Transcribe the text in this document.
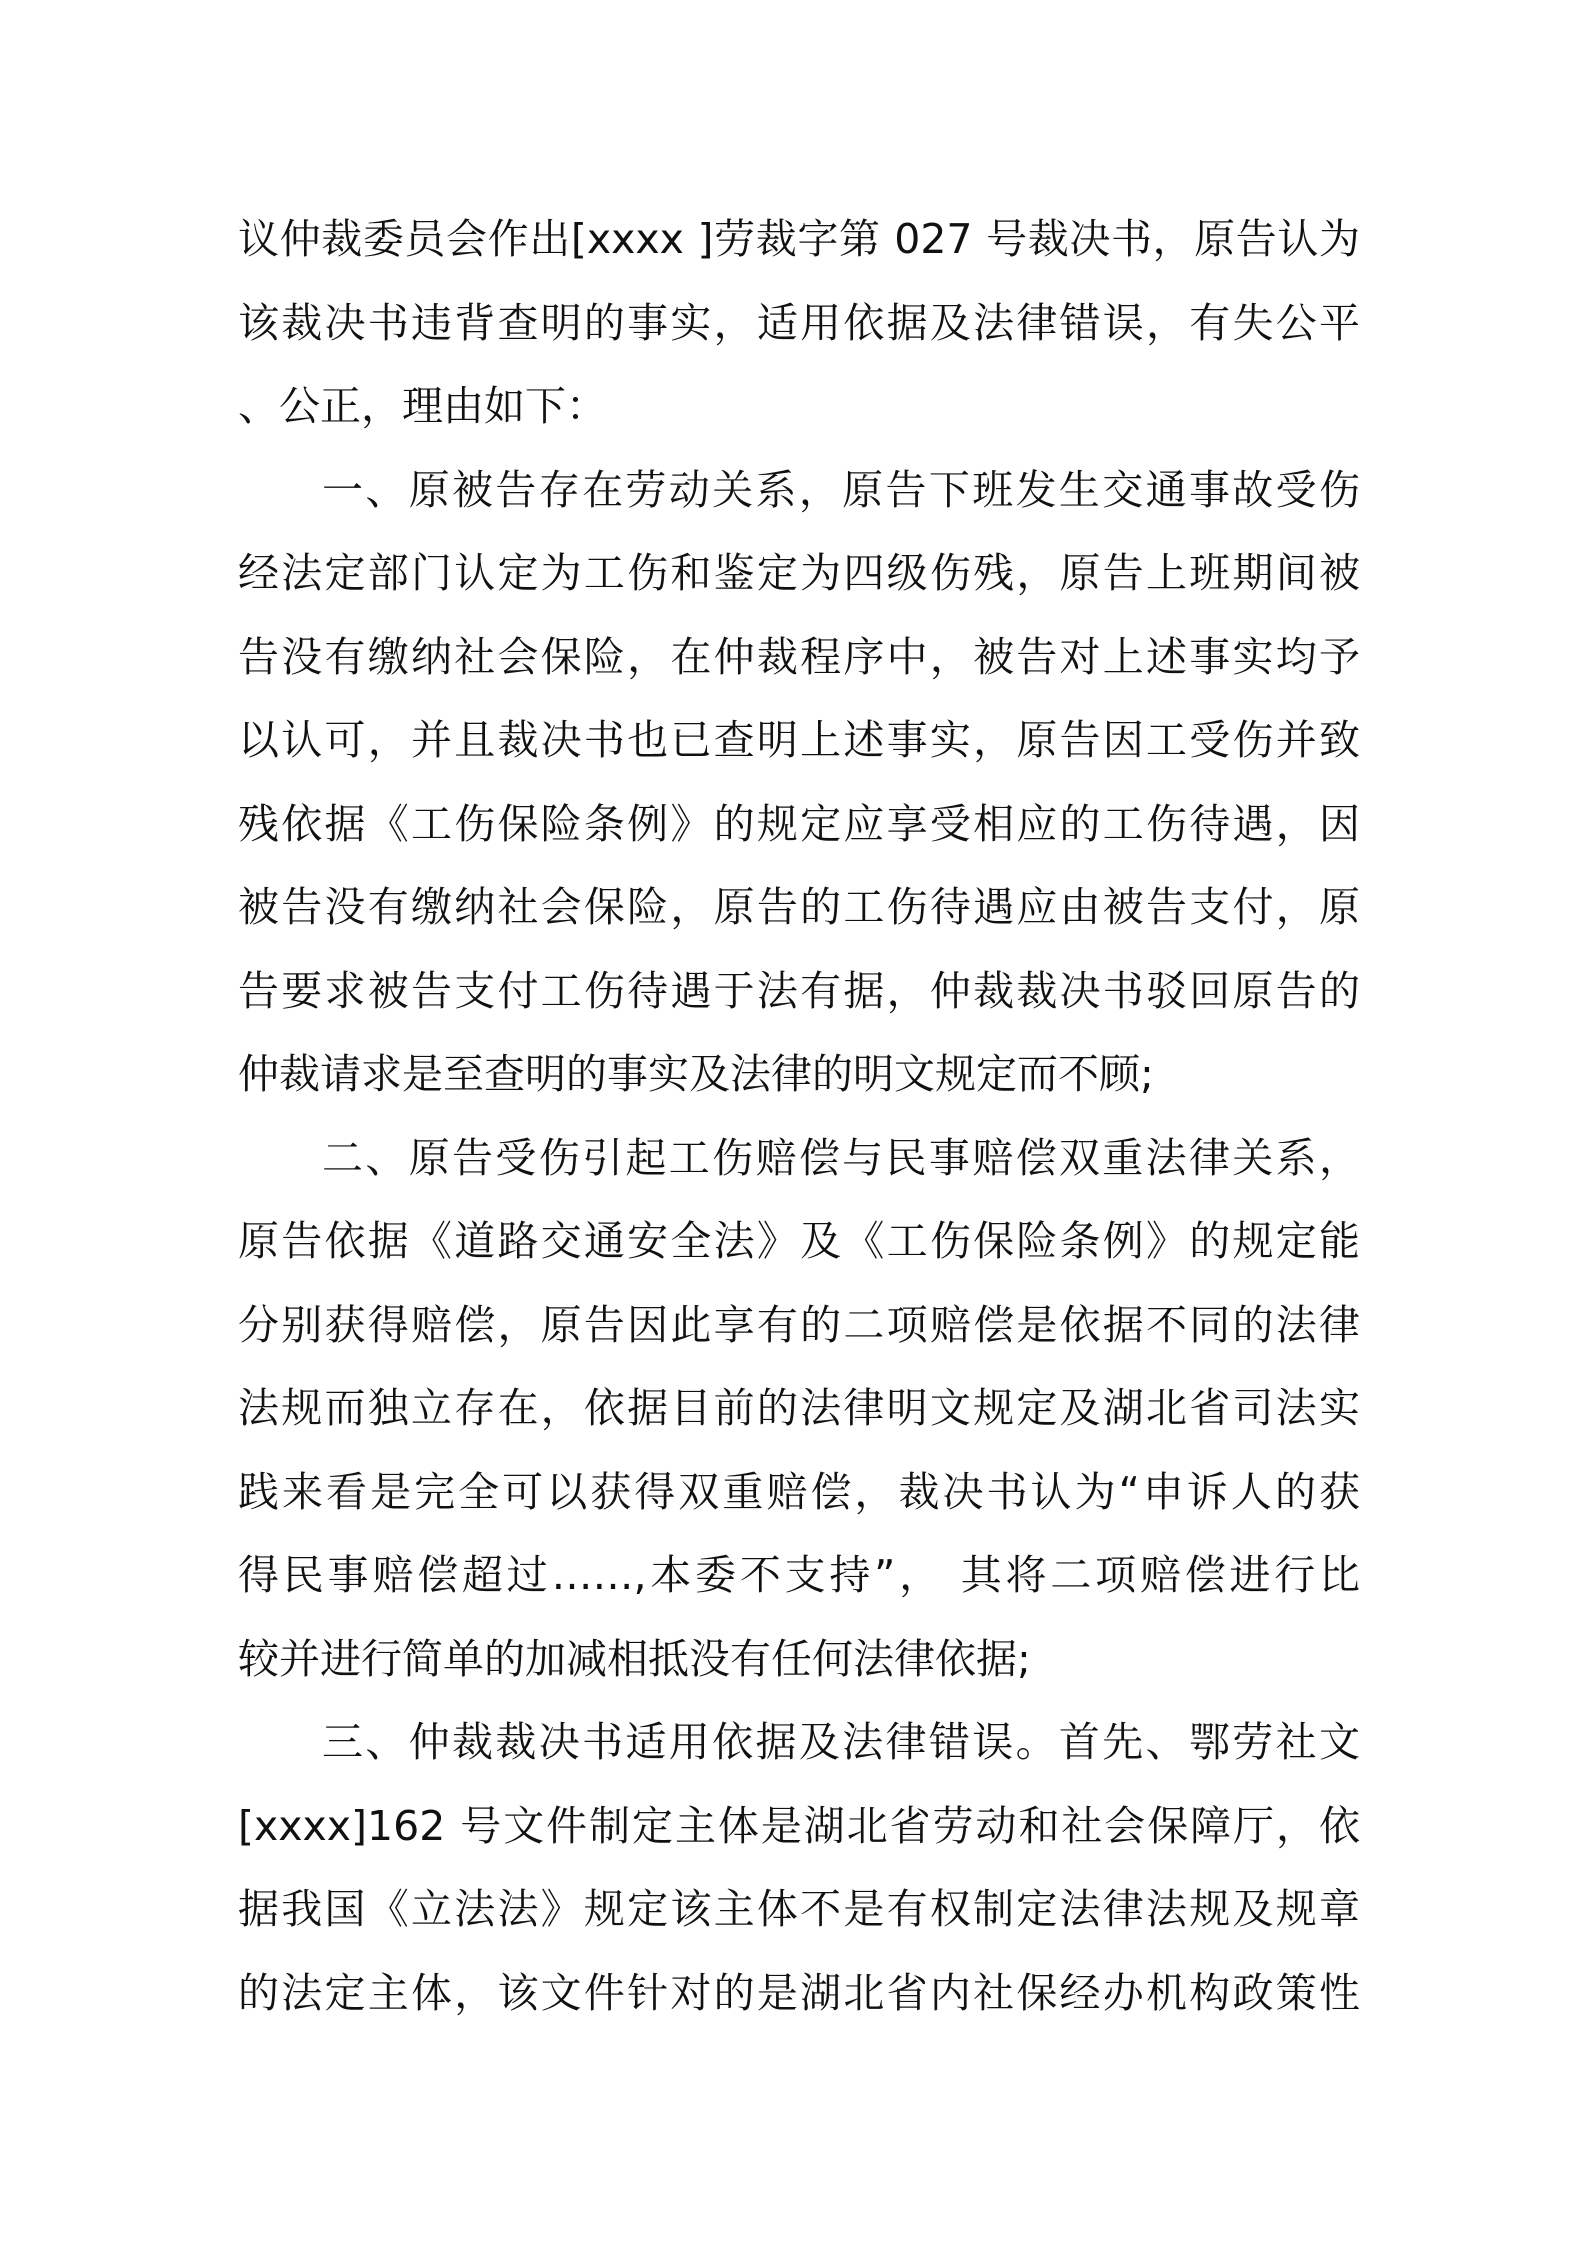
议仲裁委员会作出[xxxx ]劳裁字第 027 号裁决书，原告认为
该裁决书违背查明的事实，适用依据及法律错误，有失公平
、公正，理由如下：
一、原被告存在劳动关系，原告下班发生交通事故受伤
经法定部门认定为工伤和鉴定为四级伤残，原告上班期间被
告没有缴纳社会保险，在仲裁程序中，被告对上述事实均予
以认可，并且裁决书也已查明上述事实，原告因工受伤并致
残依据《工伤保险条例》的规定应享受相应的工伤待遇，因
被告没有缴纳社会保险，原告的工伤待遇应由被告支付，原
告要求被告支付工伤待遇于法有据，仲裁裁决书驳回原告的
仲裁请求是至查明的事实及法律的明文规定而不顾;
二、原告受伤引起工伤赔偿与民事赔偿双重法律关系，
原告依据《道路交通安全法》及《工伤保险条例》的规定能
分别获得赔偿，原告因此享有的二项赔偿是依据不同的法律
法规而独立存在，依据目前的法律明文规定及湖北省司法实
践来看是完全可以获得双重赔偿，裁决书认为“申诉人的获
得民事赔偿超过……,本委不支持”， 其将二项赔偿进行比
较并进行简单的加减相抵没有任何法律依据;
三、仲裁裁决书适用依据及法律错误。首先、鄂劳社文
[xxxx]162 号文件制定主体是湖北省劳动和社会保障厅，依
据我国《立法法》规定该主体不是有权制定法律法规及规章
的法定主体，该文件针对的是湖北省内社保经办机构政策性
